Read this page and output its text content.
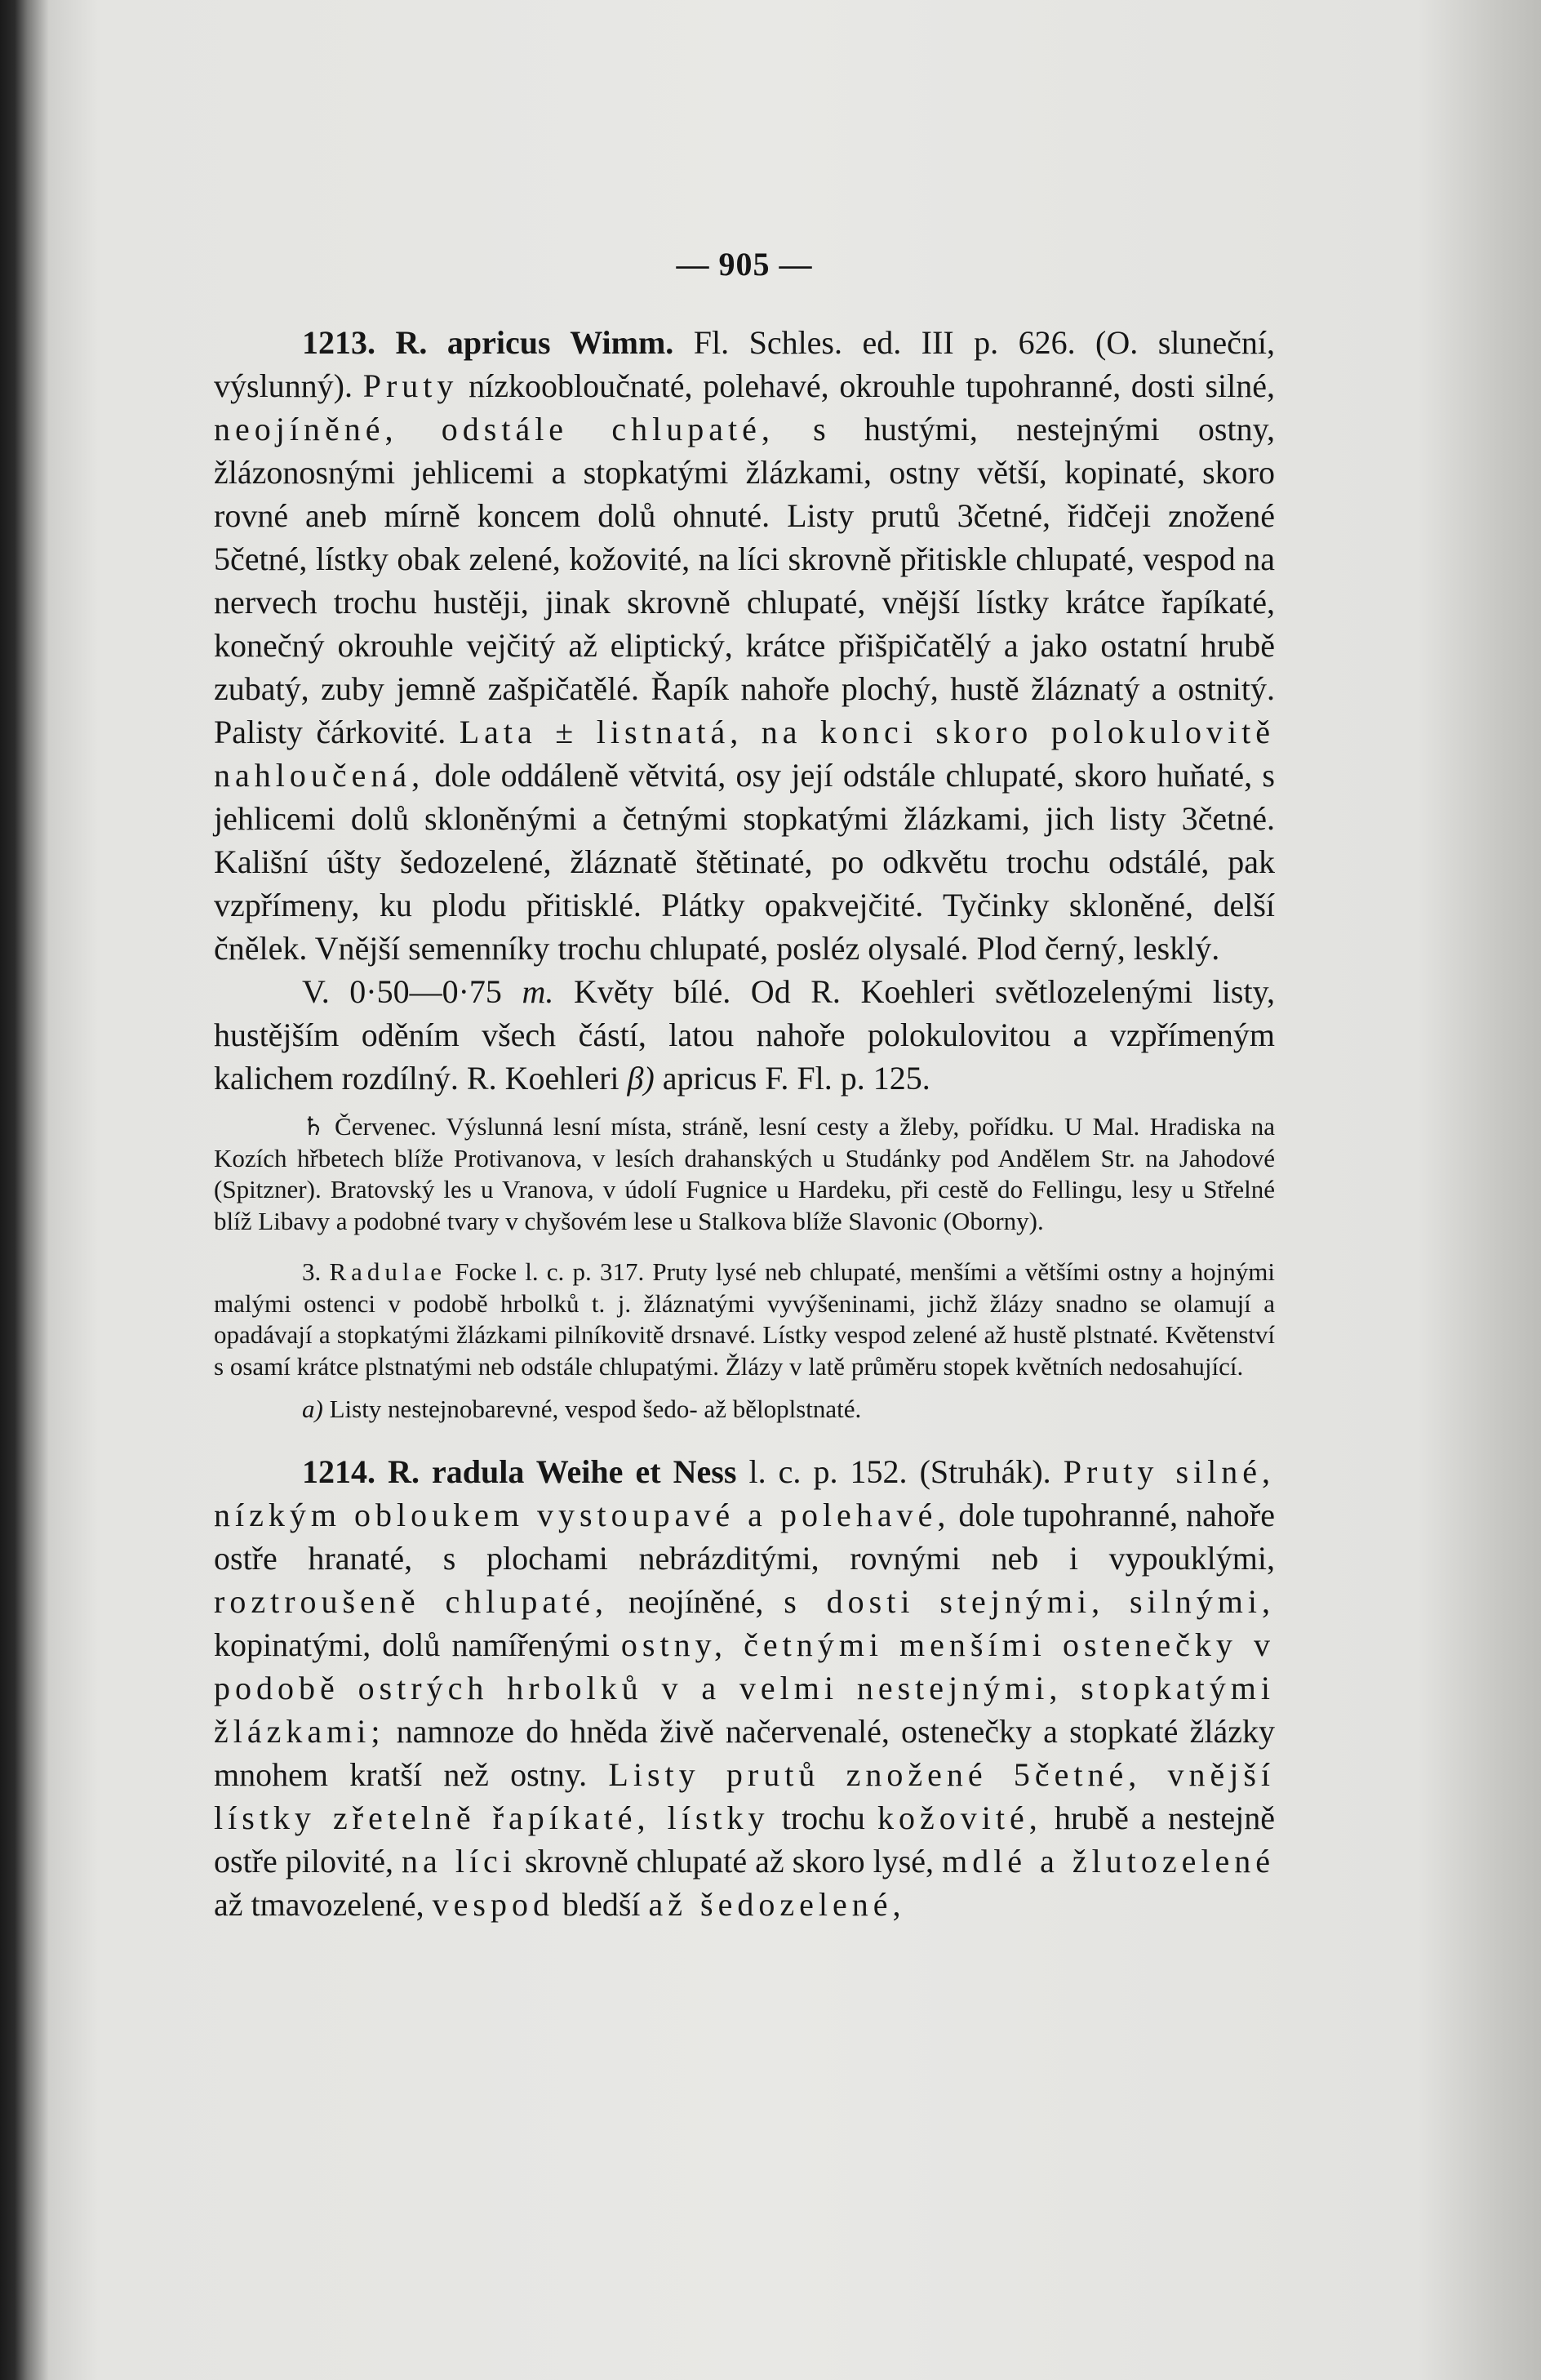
— 905 —

1213. R. apricus Wimm. Fl. Schles. ed. III p. 626. (O. sluneční, výslunný). Pruty nízkoobloučnaté, polehavé, okrouhle tupohranné, dosti silné, neojíněné, odstále chlupaté, s hustými, nestejnými ostny, žlázonosnými jehlicemi a stopkatými žlázkami, ostny větší, kopinaté, skoro rovné aneb mírně koncem dolů ohnuté. Listy prutů 3četné, řidčeji znožené 5četné, lístky obak zelené, kožovité, na líci skrovně přitiskle chlupaté, vespod na nervech trochu hustěji, jinak skrovně chlupaté, vnější lístky krátce řapíkaté, konečný okrouhle vejčitý až eliptický, krátce přišpičatělý a jako ostatní hrubě zubatý, zuby jemně zašpičatělé. Řapík nahoře plochý, hustě žláznatý a ostnitý. Palisty čárkovité. Lata ± listnatá, na konci skoro polokulovitě nahloučená, dole oddáleně větvitá, osy její odstále chlupaté, skoro huňaté, s jehlicemi dolů skloněnými a četnými stopkatými žlázkami, jich listy 3četné. Kališní úšty šedozelené, žláznatě štětinaté, po odkvětu trochu odstálé, pak vzpřímeny, ku plodu přitisklé. Plátky opakvejčité. Tyčinky skloněné, delší čnělek. Vnější semenníky trochu chlupaté, posléz olysalé. Plod černý, lesklý.

V. 0·50—0·75 m. Květy bílé. Od R. Koehleri světlozelenými listy, hustějším oděním všech částí, latou nahoře polokulovitou a vzpřímeným kalichem rozdílný. R. Koehleri β) apricus F. Fl. p. 125.

♄ Červenec. Výslunná lesní místa, stráně, lesní cesty a žleby, pořídku. U Mal. Hradiska na Kozích hřbetech blíže Protivanova, v lesích drahanských u Studánky pod Andělem Str. na Jahodové (Spitzner). Bratovský les u Vranova, v údolí Fugnice u Hardeku, při cestě do Fellingu, lesy u Střelné blíž Libavy a podobné tvary v chyšovém lese u Stalkova blíže Slavonic (Oborny).

3. Radulae Focke l. c. p. 317. Pruty lysé neb chlupaté, menšími a většími ostny a hojnými malými ostenci v podobě hrbolků t. j. žláznatými vyvýšeninami, jichž žlázy snadno se olamují a opadávají a stopkatými žlázkami pilníkovitě drsnavé. Lístky vespod zelené až hustě plstnaté. Květenství s osamí krátce plstnatými neb odstále chlupatými. Žlázy v latě průměru stopek květních nedosahující.

a) Listy nestejnobarevné, vespod šedo- až běloplstnaté.

1214. R. radula Weihe et Ness l. c. p. 152. (Struhák). Pruty silné, nízkým obloukem vystoupavé a polehavé, dole tupohranné, nahoře ostře hranaté, s plochami nebrázditými, rovnými neb i vypouklými, roztroušeně chlupaté, neojíněné, s dosti stejnými, silnými, kopinatými, dolů namířenými ostny, četnými menšími ostenečky v podobě ostrých hrbolků v a velmi nestejnými, stopkatými žlázkami; namnoze do hněda živě načervenalé, ostenečky a stopkaté žlázky mnohem kratší než ostny. Listy prutů znožené 5četné, vnější lístky zřetelně řapíkaté, lístky trochu kožovité, hrubě a nestejně ostře pilovité, na líci skrovně chlupaté až skoro lysé, mdlé a žlutozelené až tmavozelené, vespod bledší až šedozelené,
